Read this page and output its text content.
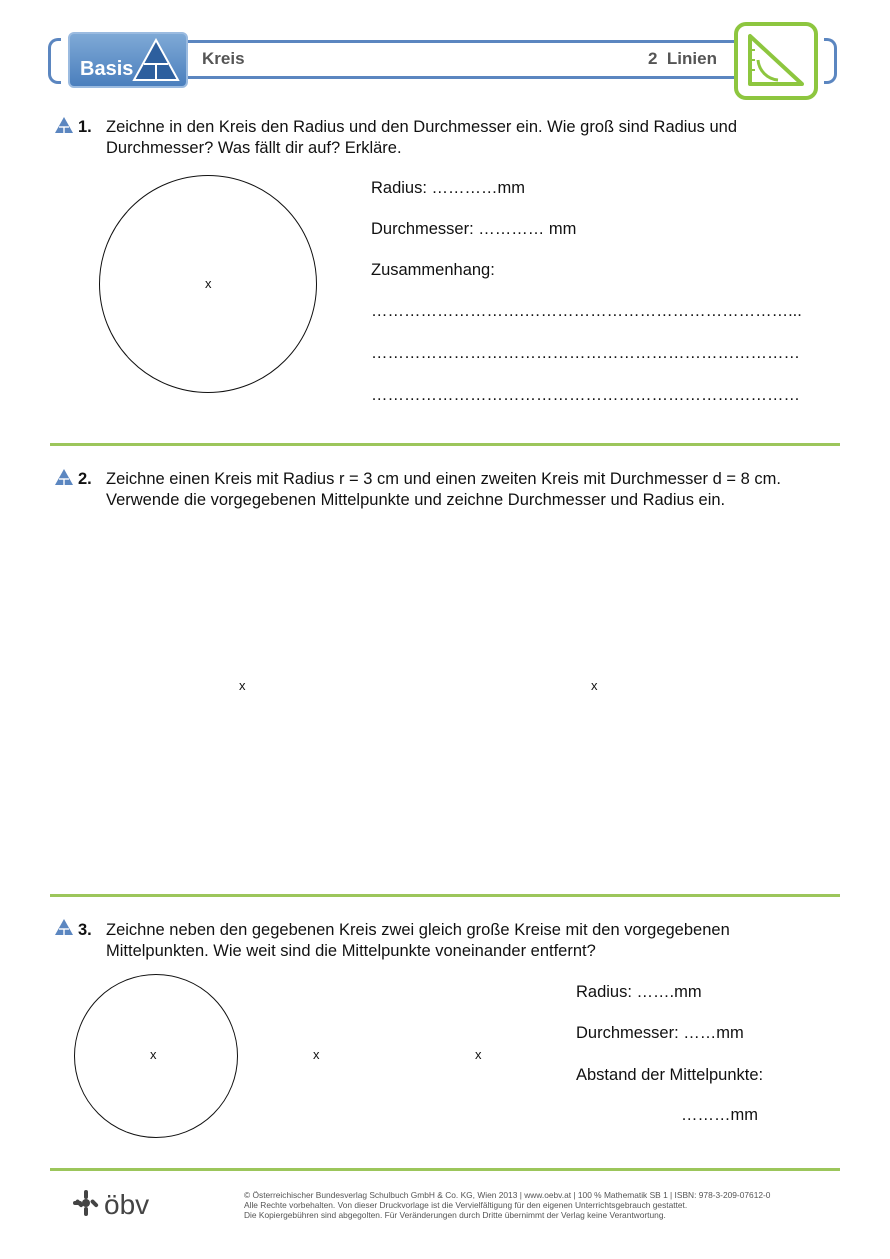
Basis	Kreis	2  Linien
1. Zeichne in den Kreis den Radius und den Durchmesser ein. Wie groß sind Radius und
Durchmesser? Was fällt dir auf? Erkläre.
x
Radius: …………mm
Durchmesser: ………… mm
Zusammenhang:
……………………….…………………………………………...
……………………………………………………………………
……………………………………………………………………
2. Zeichne einen Kreis mit Radius r = 3 cm und einen zweiten Kreis mit Durchmesser d = 8 cm.
Verwende die vorgegebenen Mittelpunkte und zeichne Durchmesser und Radius ein.
x	x
3. Zeichne neben den gegebenen Kreis zwei gleich große Kreise mit den vorgegebenen
Mittelpunkten. Wie weit sind die Mittelpunkte voneinander entfernt?
x	x	x
Radius: …….mm
Durchmesser: ……mm
Abstand der Mittelpunkte:
………mm
öbv	© Österreichischer Bundesverlag Schulbuch GmbH & Co. KG, Wien 2013 | www.oebv.at | 100 % Mathematik SB 1 | ISBN: 978-3-209-07612-0
Alle Rechte vorbehalten. Von dieser Druckvorlage ist die Vervielfältigung für den eigenen Unterrichtsgebrauch gestattet.
Die Kopiergebühren sind abgegolten. Für Veränderungen durch Dritte übernimmt der Verlag keine Verantwortung.
